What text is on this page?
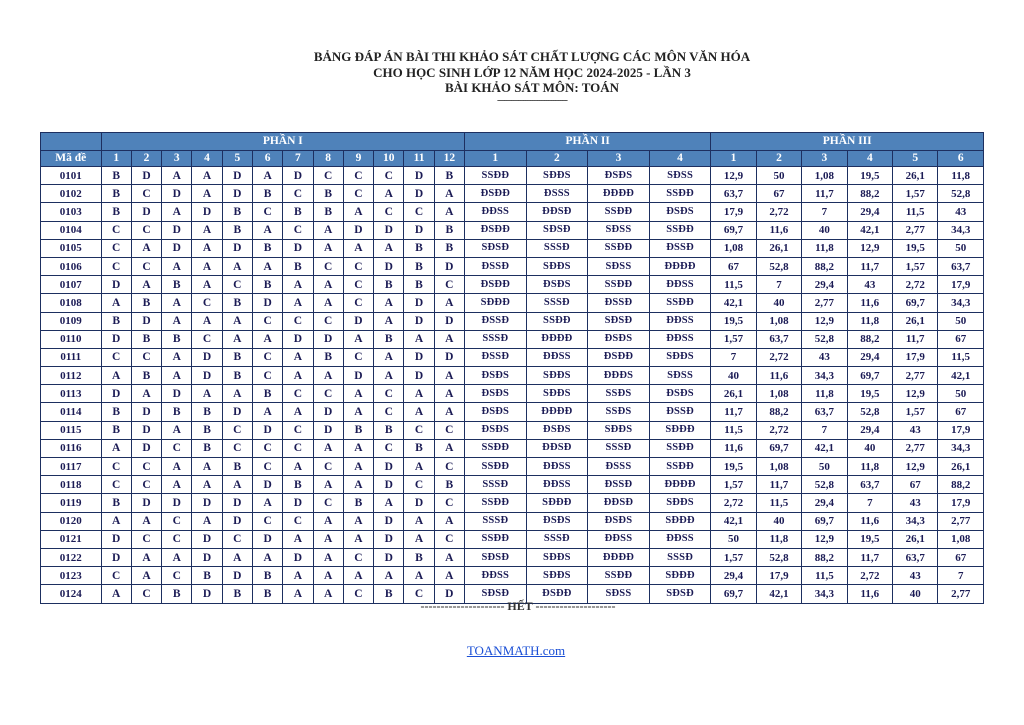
BẢNG ĐÁP ÁN BÀI THI KHẢO SÁT CHẤT LƯỢNG CÁC MÔN VĂN HÓA
CHO HỌC SINH LỚP 12 NĂM HỌC 2024-2025 - LẦN 3
BÀI KHẢO SÁT MÔN: TOÁN
------------------------------
	PHẦN I												PHẦN II				PHẦN III					
Mã đề	1	2	3	4	5	6	7	8	9	10	11	12	1	2	3	4	1	2	3	4	5	6
0101	B	D	A	A	D	A	D	C	C	C	D	B	SSĐĐ	SĐĐS	ĐSĐS	SĐSS	12,9	50	1,08	19,5	26,1	11,8
0102	B	C	D	A	D	B	C	B	C	A	D	A	ĐSĐĐ	ĐSSS	ĐĐĐĐ	SSĐĐ	63,7	67	11,7	88,2	1,57	52,8
0103	B	D	A	D	B	C	B	B	A	C	C	A	ĐĐSS	ĐĐSĐ	SSĐĐ	ĐSĐS	17,9	2,72	7	29,4	11,5	43
0104	C	C	D	A	B	A	C	A	D	D	D	B	ĐSĐĐ	SĐSĐ	SĐSS	SSĐĐ	69,7	11,6	40	42,1	2,77	34,3
0105	C	A	D	A	D	B	D	A	A	A	B	B	SĐSĐ	SSSĐ	SSĐĐ	ĐSSĐ	1,08	26,1	11,8	12,9	19,5	50
0106	C	C	A	A	A	A	B	C	C	D	B	D	ĐSSĐ	SĐĐS	SĐSS	ĐĐĐĐ	67	52,8	88,2	11,7	1,57	63,7
0107	D	A	B	A	C	B	A	A	C	B	B	C	ĐSĐĐ	ĐSĐS	SSĐĐ	ĐĐSS	11,5	7	29,4	43	2,72	17,9
0108	A	B	A	C	B	D	A	A	C	A	D	A	SĐĐĐ	SSSĐ	ĐSSĐ	SSĐĐ	42,1	40	2,77	11,6	69,7	34,3
0109	B	D	A	A	A	C	C	C	D	A	D	D	ĐSSĐ	SSĐĐ	SĐSĐ	ĐĐSS	19,5	1,08	12,9	11,8	26,1	50
0110	D	B	B	C	A	A	D	D	A	B	A	A	SSSĐ	ĐĐĐĐ	ĐSĐS	ĐĐSS	1,57	63,7	52,8	88,2	11,7	67
0111	C	C	A	D	B	C	A	B	C	A	D	D	ĐSSĐ	ĐĐSS	ĐSĐĐ	SĐĐS	7	2,72	43	29,4	17,9	11,5
0112	A	B	A	D	B	C	A	A	D	A	D	A	ĐSĐS	SĐĐS	ĐĐĐS	SĐSS	40	11,6	34,3	69,7	2,77	42,1
0113	D	A	D	A	A	B	C	C	A	C	A	A	ĐSĐS	SĐĐS	SSĐS	ĐSĐS	26,1	1,08	11,8	19,5	12,9	50
0114	B	D	B	B	D	A	A	D	A	C	A	A	ĐSĐS	ĐĐĐĐ	SSĐS	ĐSSĐ	11,7	88,2	63,7	52,8	1,57	67
0115	B	D	A	B	C	D	C	D	B	B	C	C	ĐSĐS	ĐSĐS	SĐĐS	SĐĐĐ	11,5	2,72	7	29,4	43	17,9
0116	A	D	C	B	C	C	C	A	A	C	B	A	SSĐĐ	ĐĐSĐ	SSSĐ	SSĐĐ	11,6	69,7	42,1	40	2,77	34,3
0117	C	C	A	A	B	C	A	C	A	D	A	C	SSĐĐ	ĐĐSS	ĐSSS	SSĐĐ	19,5	1,08	50	11,8	12,9	26,1
0118	C	C	A	A	A	D	B	A	A	D	C	B	SSSĐ	ĐĐSS	ĐSSĐ	ĐĐĐĐ	1,57	11,7	52,8	63,7	67	88,2
0119	B	D	D	D	D	A	D	C	B	A	D	C	SSĐĐ	SĐĐĐ	ĐĐSĐ	SĐĐS	2,72	11,5	29,4	7	43	17,9
0120	A	A	C	A	D	C	C	A	A	D	A	A	SSSĐ	ĐSĐS	ĐSĐS	SĐĐĐ	42,1	40	69,7	11,6	34,3	2,77
0121	D	C	C	D	C	D	A	A	A	D	A	C	SSĐĐ	SSSĐ	ĐĐSS	ĐĐSS	50	11,8	12,9	19,5	26,1	1,08
0122	D	A	A	D	A	A	D	A	C	D	B	A	SĐSĐ	SĐĐS	ĐĐĐĐ	SSSĐ	1,57	52,8	88,2	11,7	63,7	67
0123	C	A	C	B	D	B	A	A	A	A	A	A	ĐĐSS	SĐĐS	SSĐĐ	SĐĐĐ	29,4	17,9	11,5	2,72	43	7
0124	A	C	B	D	B	B	A	A	C	B	C	D	SĐSĐ	ĐSĐĐ	SĐSS	SĐSĐ	69,7	42,1	34,3	11,6	40	2,77
--------------------- HẾT --------------------
TOANMATH.com
